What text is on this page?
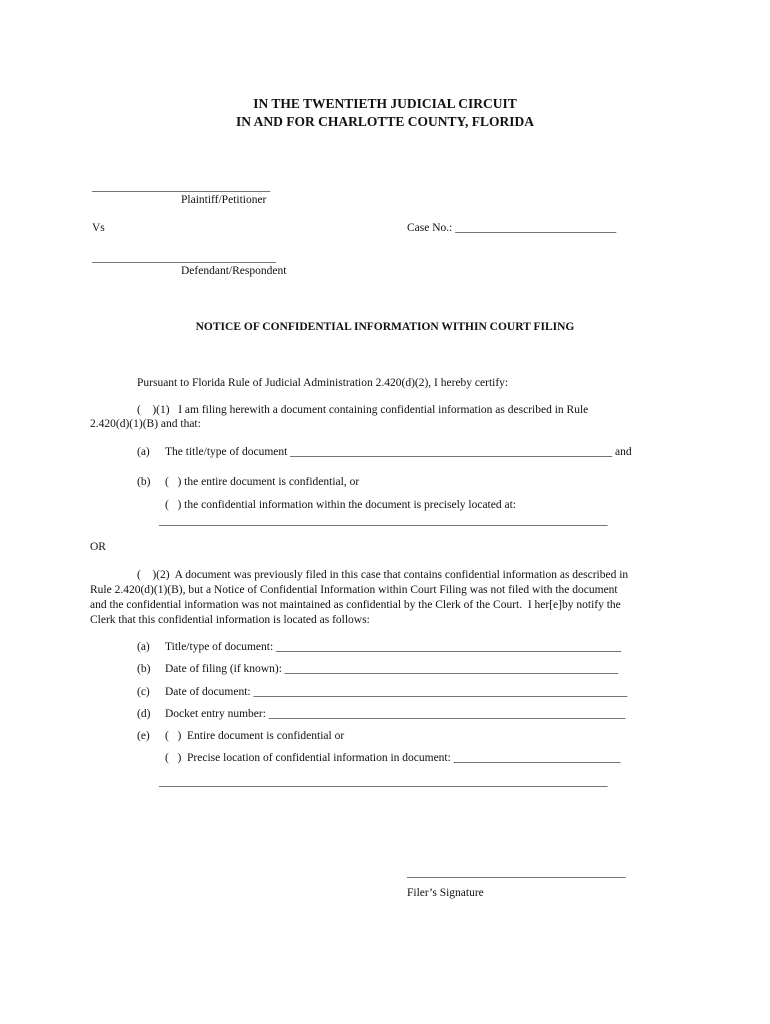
IN THE TWENTIETH JUDICIAL CIRCUIT
IN AND FOR CHARLOTTE COUNTY, FLORIDA
_______________________________
Plaintiff/Petitioner
Vs	Case No.: ____________________________
________________________________
Defendant/Respondent
NOTICE OF CONFIDENTIAL INFORMATION WITHIN COURT FILING
Pursuant to Florida Rule of Judicial Administration 2.420(d)(2), I hereby certify:
(    )(1)   I am filing herewith a document containing confidential information as described in Rule
2.420(d)(1)(B) and that:
(a) The title/type of document ________________________________________________________ and
(b) (   ) the entire document is confidential, or
(   ) the confidential information within the document is precisely located at:
______________________________________________________________________________
OR
(    )(2)  A document was previously filed in this case that contains confidential information as described in
Rule 2.420(d)(1)(B), but a Notice of Confidential Information within Court Filing was not filed with the document
and the confidential information was not maintained as confidential by the Clerk of the Court.  I her[e]by notify the
Clerk that this confidential information is located as follows:
(a) Title/type of document: ____________________________________________________________
(b) Date of filing (if known): __________________________________________________________
(c) Date of document: _________________________________________________________________
(d) Docket entry number: ______________________________________________________________
(e) (   )  Entire document is confidential or
(   )  Precise location of confidential information in document: _____________________________
______________________________________________________________________________
______________________________________
Filer’s Signature
